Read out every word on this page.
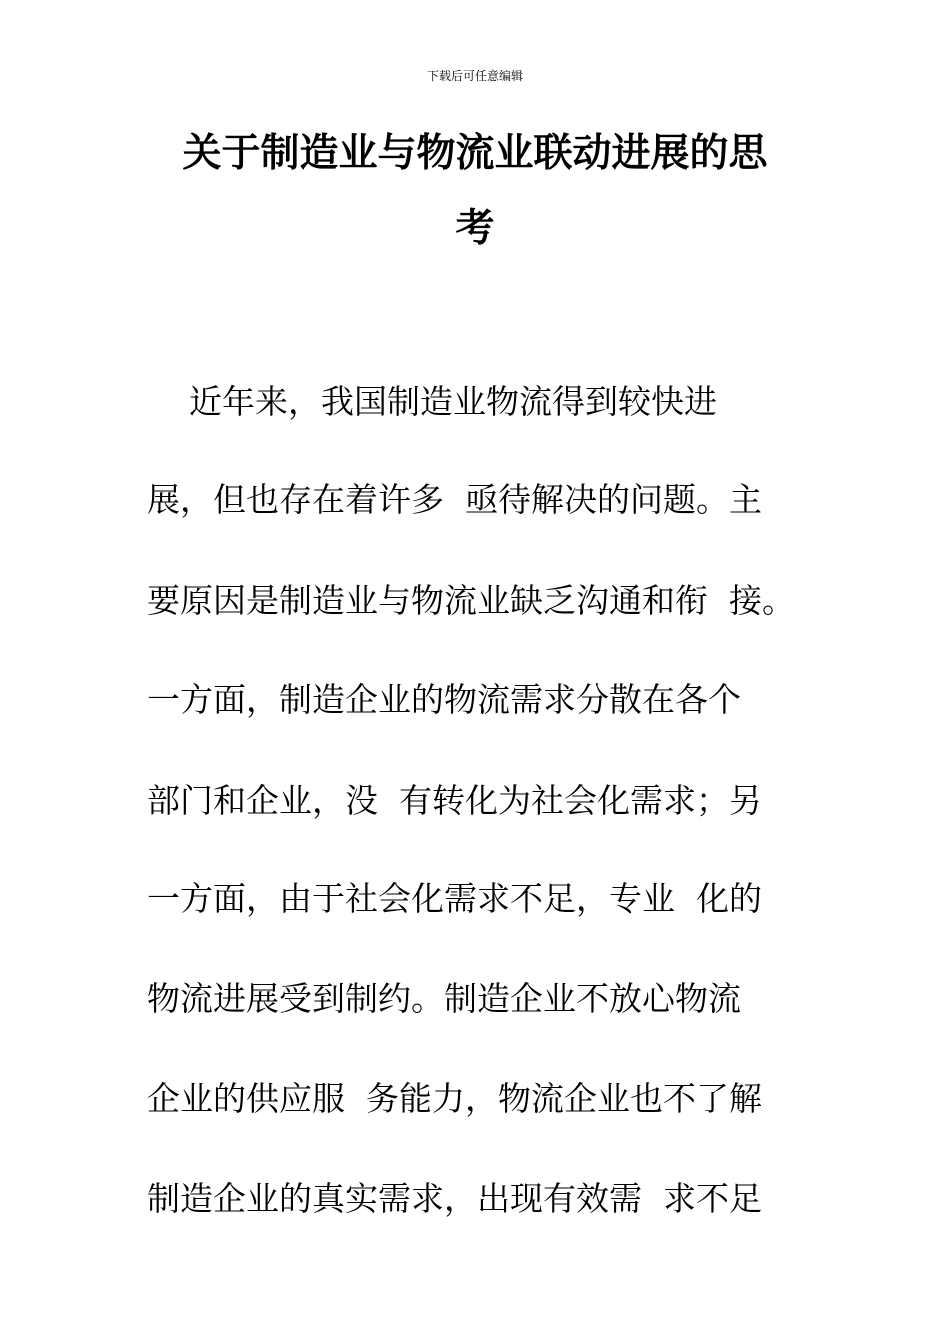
下载后可任意编辑
关于制造业与物流业联动进展的思
考
近年来，我国制造业物流得到较快进
展，但也存在着许多  亟待解决的问题。主
要原因是制造业与物流业缺乏沟通和衔  接。
一方面，制造企业的物流需求分散在各个
部门和企业，没  有转化为社会化需求；另
一方面，由于社会化需求不足，专业  化的
物流进展受到制约。制造企业不放心物流
企业的供应服  务能力，物流企业也不了解
制造企业的真实需求，出现有效需  求不足
